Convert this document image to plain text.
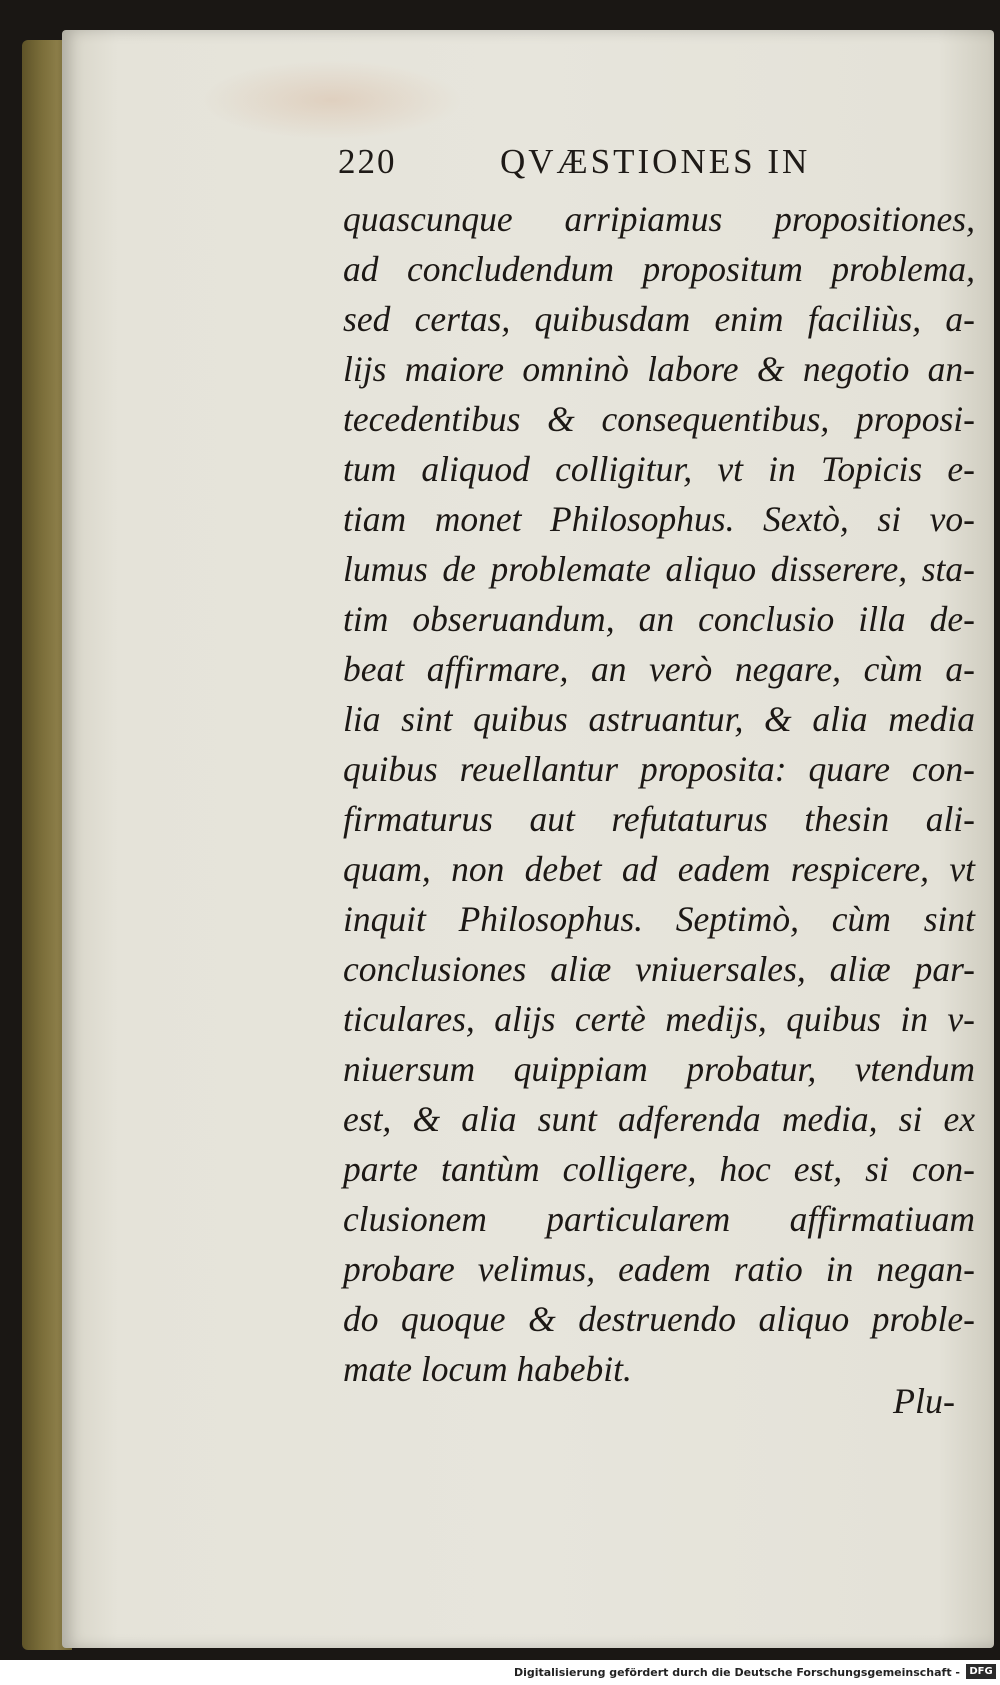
220	QVÆSTIONES IN
quascunque arripiamus propositiones,
ad concludendum propositum problema,
sed certas, quibusdam enim faciliùs, a-
lijs maiore omninò labore & negotio an-
tecedentibus & consequentibus, proposi-
tum aliquod colligitur, vt in Topicis e-
tiam monet Philosophus. Sextò, si vo-
lumus de problemate aliquo disserere, sta-
tim obseruandum, an conclusio illa de-
beat affirmare, an verò negare, cùm a-
lia sint quibus astruantur, & alia media
quibus reuellantur proposita: quare con-
firmaturus aut refutaturus thesin ali-
quam, non debet ad eadem respicere, vt
inquit Philosophus. Septimò, cùm sint
conclusiones aliæ vniuersales, aliæ par-
ticulares, alijs certè medijs, quibus in v-
niuersum quippiam probatur, vtendum
est, & alia sunt adferenda media, si ex
parte tantùm colligere, hoc est, si con-
clusionem particularem affirmatiuam
probare velimus, eadem ratio in negan-
do quoque & destruendo aliquo proble-
mate locum habebit.
Plu-
Digitalisierung gefördert durch die Deutsche Forschungsgemeinschaft - DFG
